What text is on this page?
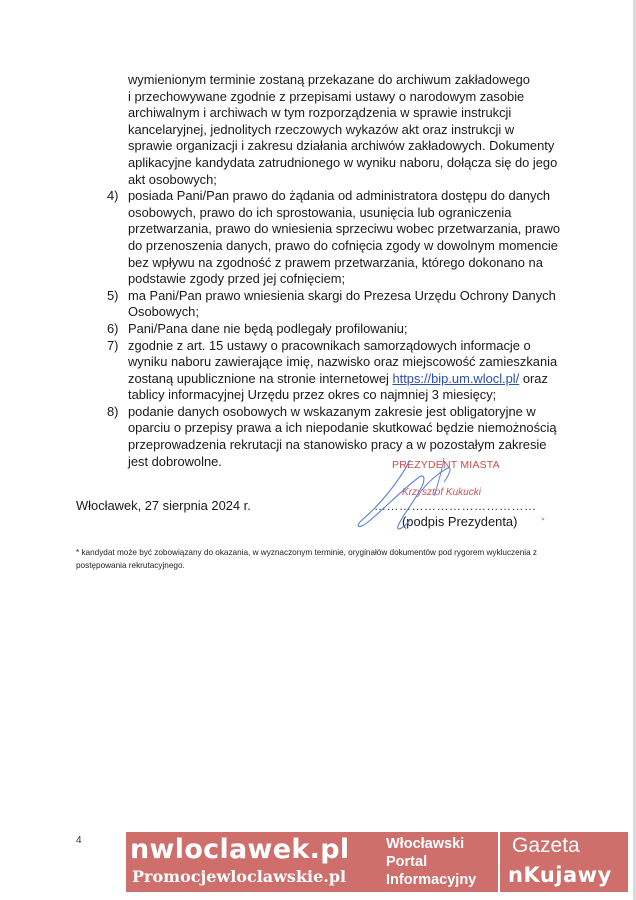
wymienionym terminie zostaną przekazane do archiwum zakładowego
i przechowywane zgodnie z przepisami ustawy o narodowym zasobie
archiwalnym i archiwach w tym rozporządzenia w sprawie instrukcji
kancelaryjnej, jednolitych rzeczowych wykazów akt oraz instrukcji w
sprawie organizacji i zakresu działania archiwów zakładowych. Dokumenty
aplikacyjne kandydata zatrudnionego w wyniku naboru, dołącza się do jego
akt osobowych;
4) posiada Pani/Pan prawo do żądania od administratora dostępu do danych
osobowych, prawo do ich sprostowania, usunięcia lub ograniczenia
przetwarzania, prawo do wniesienia sprzeciwu wobec przetwarzania, prawo
do przenoszenia danych, prawo do cofnięcia zgody w dowolnym momencie
bez wpływu na zgodność z prawem przetwarzania, którego dokonano na
podstawie zgody przed jej cofnięciem;
5) ma Pani/Pan prawo wniesienia skargi do Prezesa Urzędu Ochrony Danych
Osobowych;
6) Pani/Pana dane nie będą podlegały profilowaniu;
7) zgodnie z art. 15 ustawy o pracownikach samorządowych informacje o
wyniku naboru zawierające imię, nazwisko oraz miejscowość zamieszkania
zostaną upublicznione na stronie internetowej https://bip.um.wlocl.pl/ oraz
tablicy informacyjnej Urzędu przez okres co najmniej 3 miesięcy;
8) podanie danych osobowych w wskazanym zakresie jest obligatoryjne w
oparciu o przepisy prawa a ich niepodanie skutkować będzie niemożnością
przeprowadzenia rekrutacji na stanowisko pracy a w pozostałym zakresie
jest dobrowolne.
Włocławek, 27 sierpnia 2024 r.
PREZYDENT MIASTA
Krzysztof Kukucki
…………………………………
(podpis Prezydenta)
* kandydat może być zobowiązany do okazania, w wyznaczonym terminie, oryginałów dokumentów pod rygorem wykluczenia z
postępowania rekrutacyjnego.
4 nwloclawek.pl
Promocjewloclawskie.pl
Włocławski
Portal
Informacyjny
Gazeta
nKujawy
